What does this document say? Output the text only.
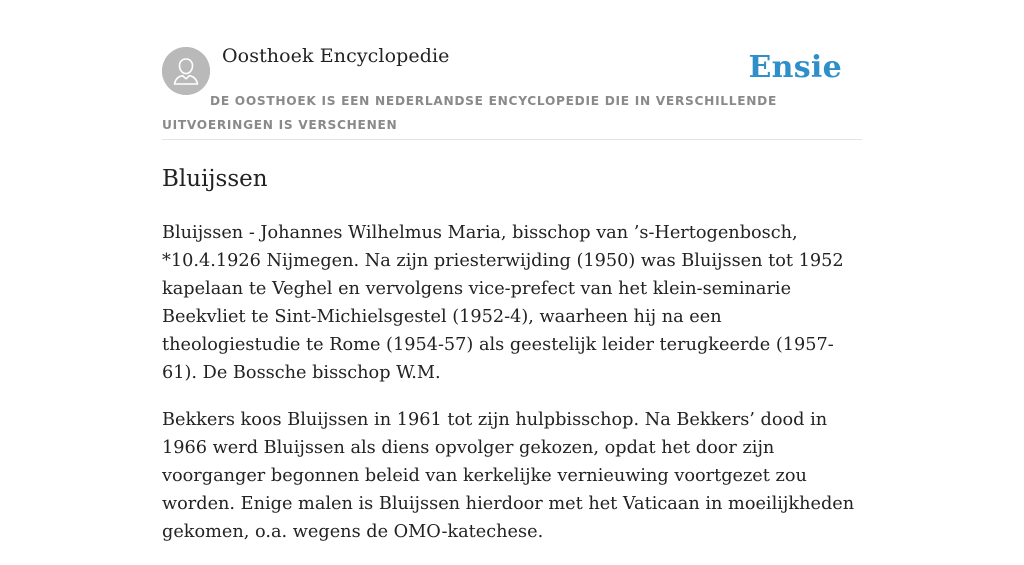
Oosthoek Encyclopedie	Ensie
DE OOSTHOEK IS EEN NEDERLANDSE ENCYCLOPEDIE DIE IN VERSCHILLENDE UITVOERINGEN IS VERSCHENEN
Bluijssen

Bluijssen - Johannes Wilhelmus Maria, bisschop van ’s-Hertogenbosch, *10.4.1926 Nijmegen. Na zijn priesterwijding (1950) was Bluijssen tot 1952 kapelaan te Veghel en vervolgens vice-prefect van het klein-seminarie Beekvliet te Sint-Michielsgestel (1952-4), waarheen hij na een theologiestudie te Rome (1954-57) als geestelijk leider terugkeerde (1957-61). De Bossche bisschop W.M.

Bekkers koos Bluijssen in 1961 tot zijn hulpbisschop. Na Bekkers’ dood in 1966 werd Bluijssen als diens opvolger gekozen, opdat het door zijn voorganger begonnen beleid van kerkelijke vernieuwing voortgezet zou worden. Enige malen is Bluijssen hierdoor met het Vaticaan in moeilijkheden gekomen, o.a. wegens de OMO-katechese.
